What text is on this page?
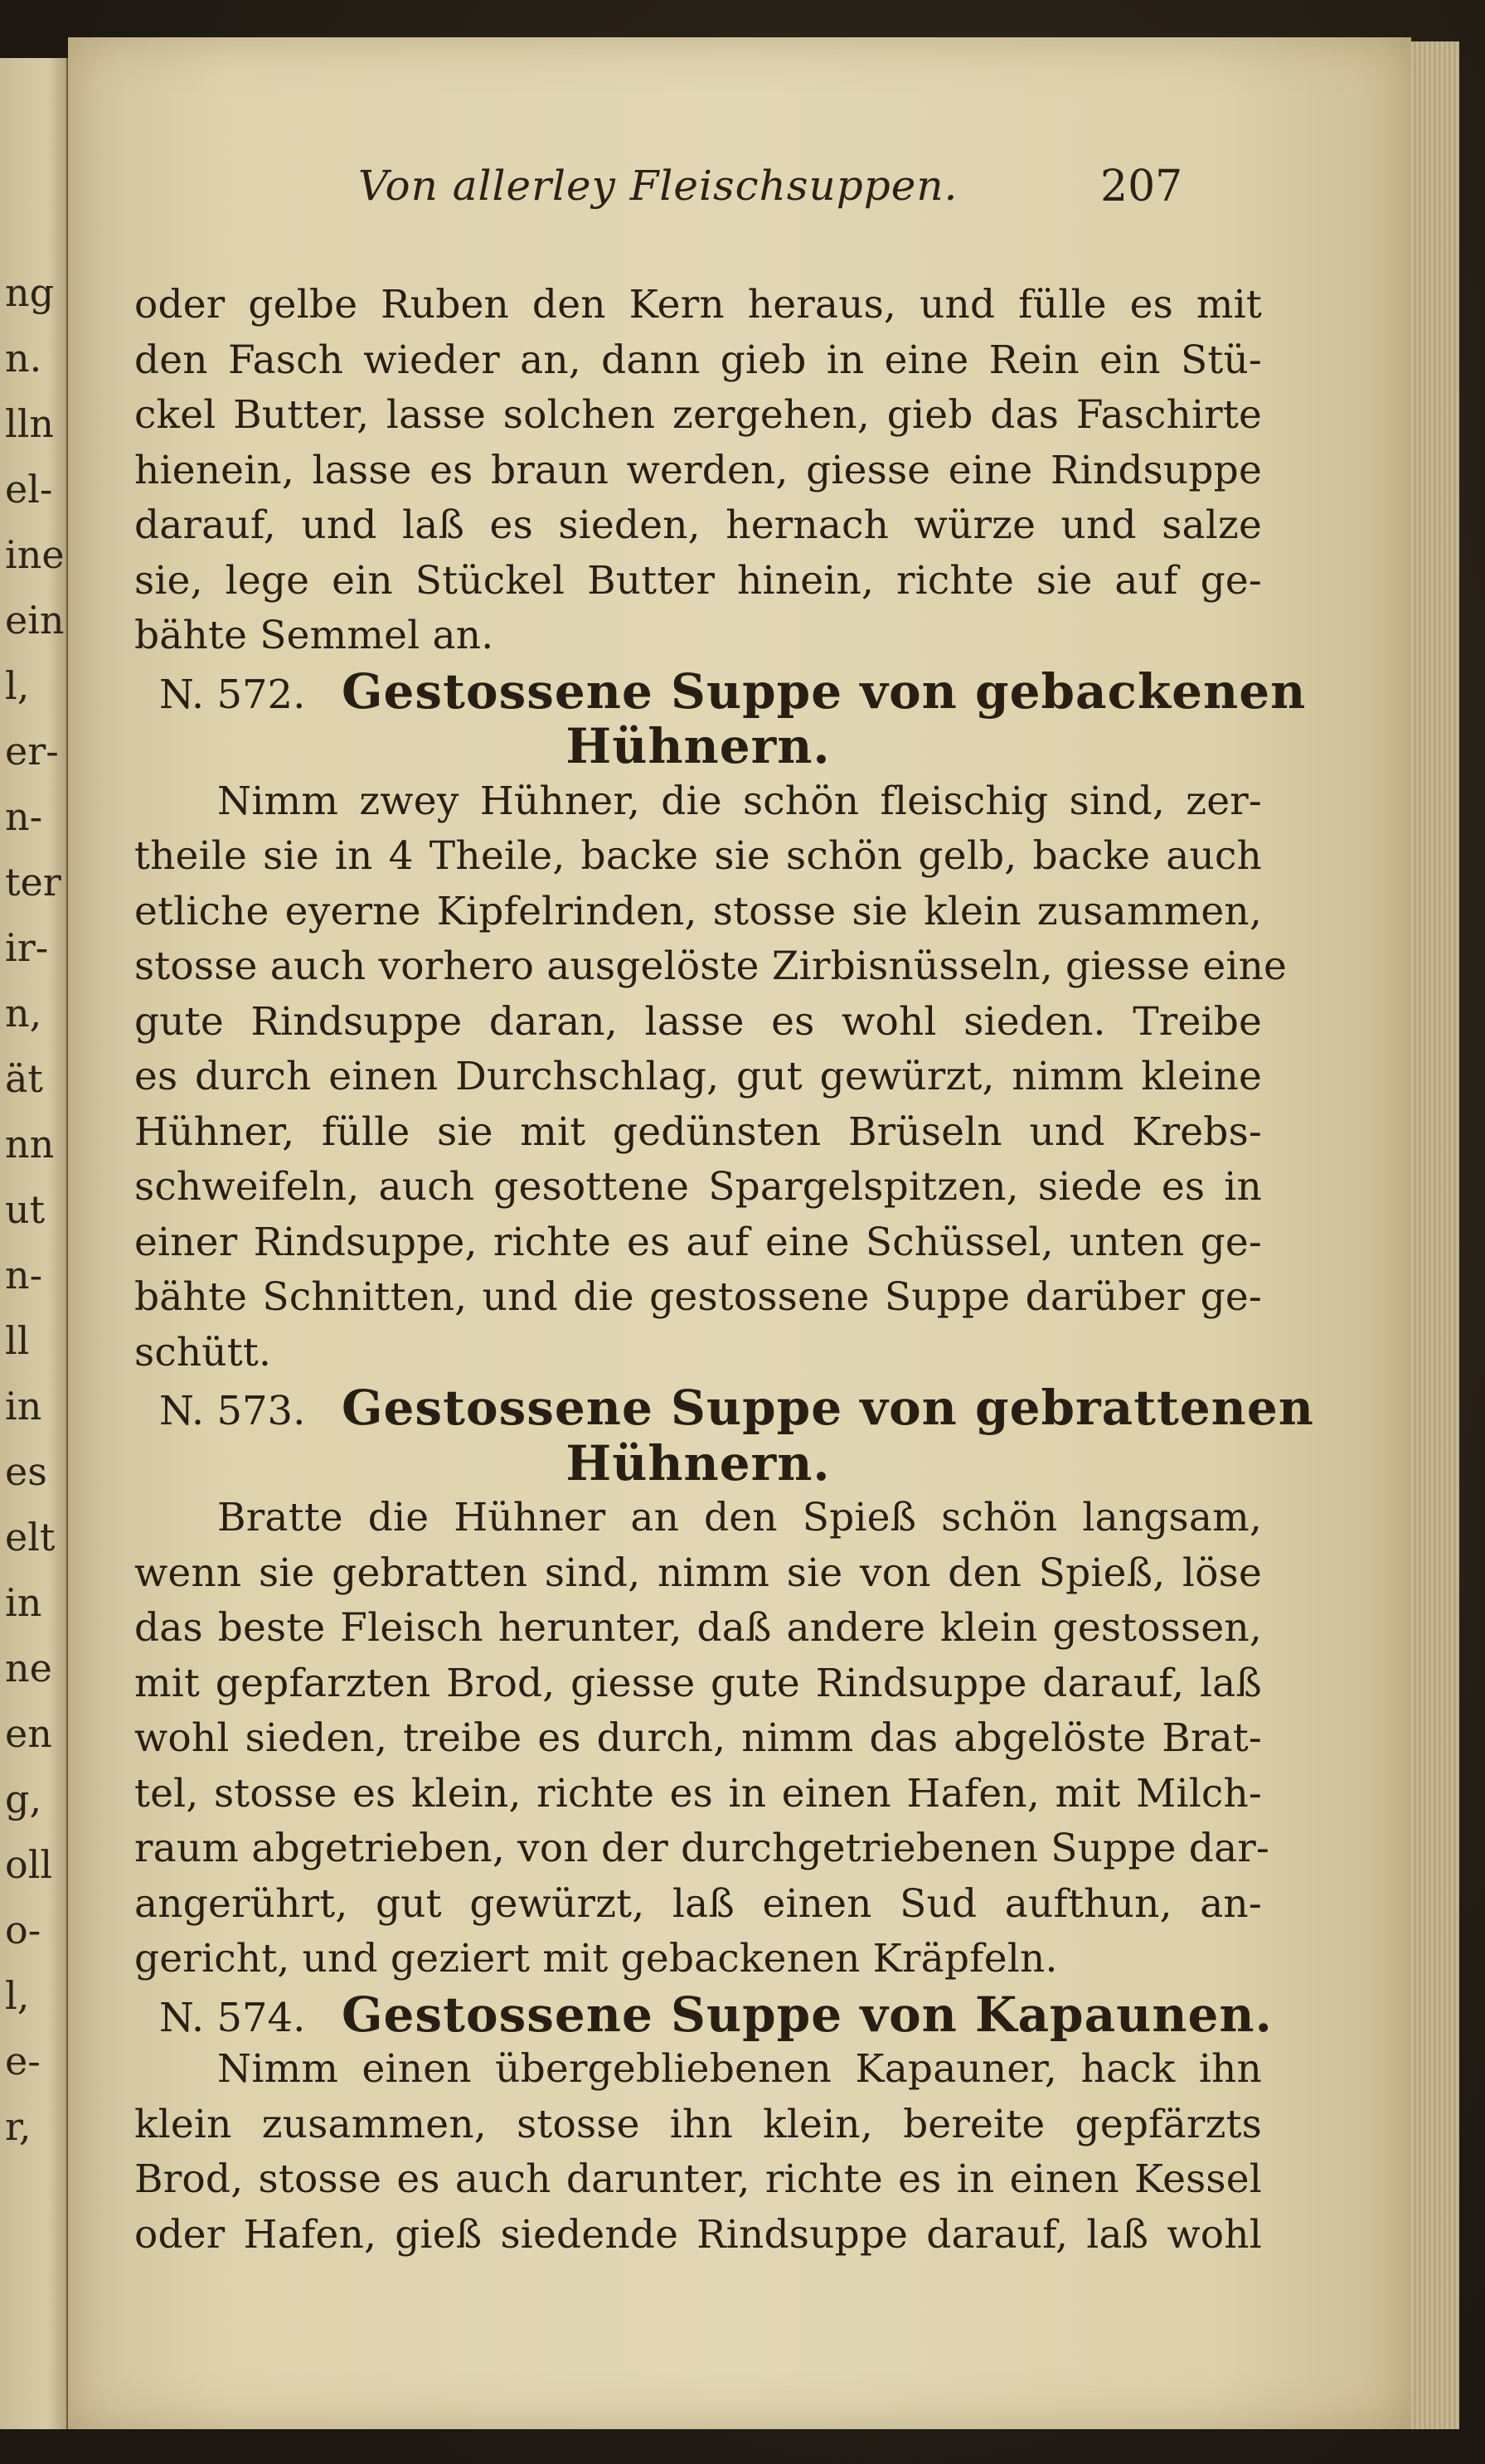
ng
n.
lln
el-
ine
ein
l,
er-
n-
ter
ir-
n,
ät
nn
ut
n-
ll
in
es
elt
in
ne
en
g,
oll
o-
l,
e-
r,
Von allerley Fleischsuppen.	207
oder gelbe Ruben den Kern heraus, und fülle es mit
den Fasch wieder an, dann gieb in eine Rein ein Stü-
ckel Butter, lasse solchen zergehen, gieb das Faschirte
hienein, lasse es braun werden, giesse eine Rindsuppe
darauf, und laß es sieden, hernach würze und salze
sie, lege ein Stückel Butter hinein, richte sie auf ge-
bähte Semmel an.
N. 572. Gestossene Suppe von gebackenen
Hühnern.
Nimm zwey Hühner, die schön fleischig sind, zer-
theile sie in 4 Theile, backe sie schön gelb, backe auch
etliche eyerne Kipfelrinden, stosse sie klein zusammen,
stosse auch vorhero ausgelöste Zirbisnüsseln, giesse eine
gute Rindsuppe daran, lasse es wohl sieden. Treibe
es durch einen Durchschlag, gut gewürzt, nimm kleine
Hühner, fülle sie mit gedünsten Brüseln und Krebs-
schweifeln, auch gesottene Spargelspitzen, siede es in
einer Rindsuppe, richte es auf eine Schüssel, unten ge-
bähte Schnitten, und die gestossene Suppe darüber ge-
schütt.
N. 573. Gestossene Suppe von gebrattenen
Hühnern.
Bratte die Hühner an den Spieß schön langsam,
wenn sie gebratten sind, nimm sie von den Spieß, löse
das beste Fleisch herunter, daß andere klein gestossen,
mit gepfarzten Brod, giesse gute Rindsuppe darauf, laß
wohl sieden, treibe es durch, nimm das abgelöste Brat-
tel, stosse es klein, richte es in einen Hafen, mit Milch-
raum abgetrieben, von der durchgetriebenen Suppe dar-
angerührt, gut gewürzt, laß einen Sud aufthun, an-
gericht, und geziert mit gebackenen Kräpfeln.
N. 574. Gestossene Suppe von Kapaunen.
Nimm einen übergebliebenen Kapauner, hack ihn
klein zusammen, stosse ihn klein, bereite gepfärzts
Brod, stosse es auch darunter, richte es in einen Kessel
oder Hafen, gieß siedende Rindsuppe darauf, laß wohl
